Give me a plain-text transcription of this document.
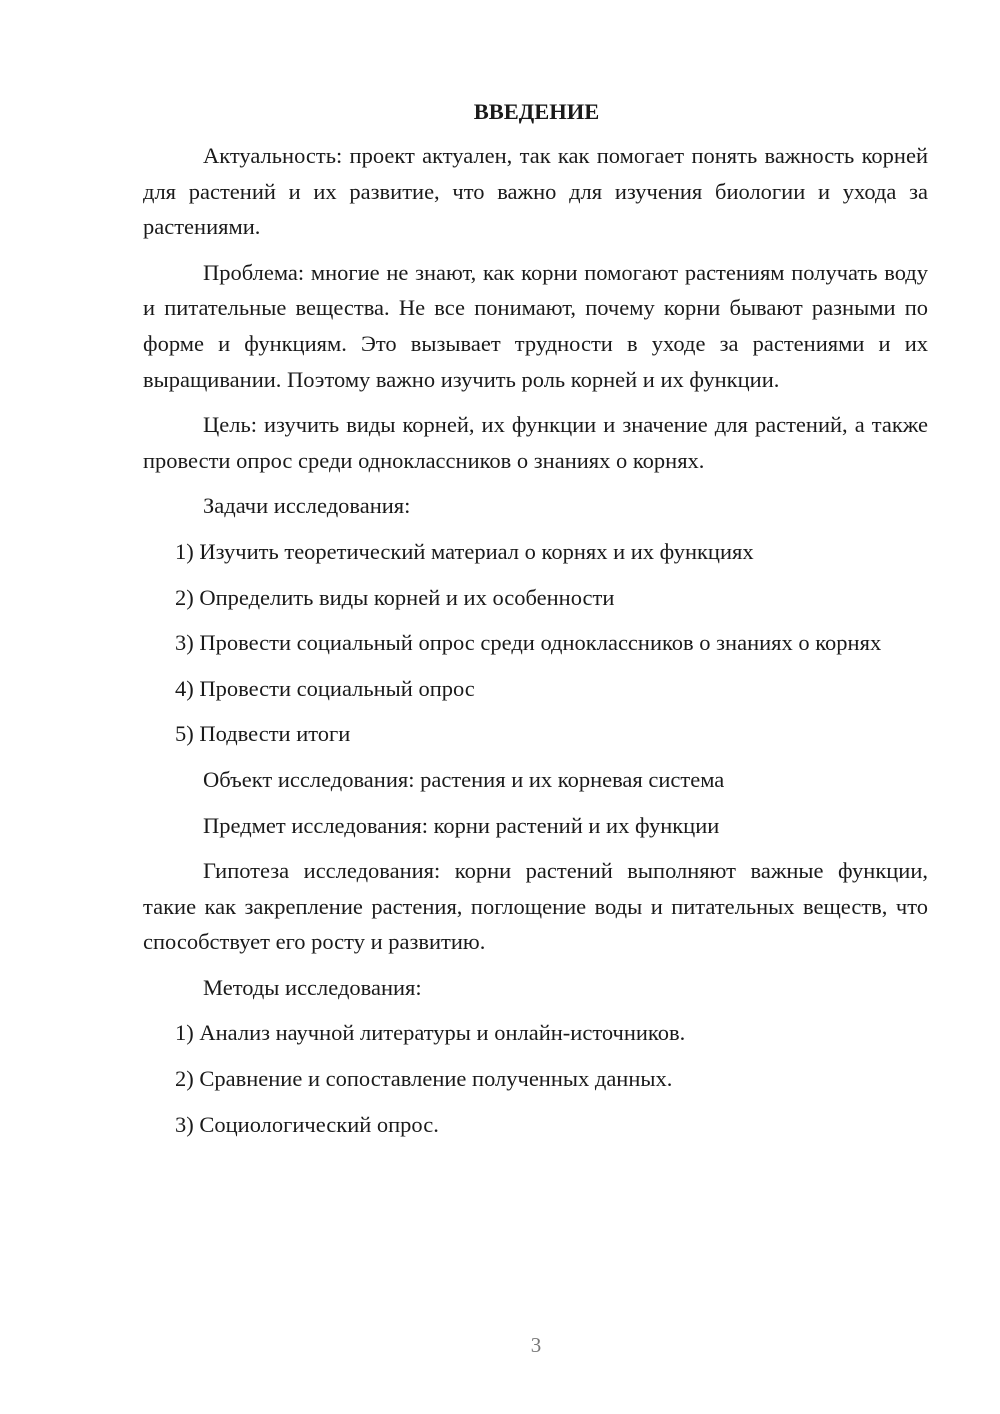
ВВЕДЕНИЕ

Актуальность: проект актуален, так как помогает понять важность корней для растений и их развитие, что важно для изучения биологии и ухода за растениями.

Проблема: многие не знают, как корни помогают растениям получать воду и питательные вещества. Не все понимают, почему корни бывают разными по форме и функциям. Это вызывает трудности в уходе за растениями и их выращивании. Поэтому важно изучить роль корней и их функции.

Цель: изучить виды корней, их функции и значение для растений, а также провести опрос среди одноклассников о знаниях о корнях.

Задачи исследования:

1) Изучить теоретический материал о корнях и их функциях

2) Определить виды корней и их особенности

3) Провести социальный опрос среди одноклассников о знаниях о корнях

4) Провести социальный опрос

5) Подвести итоги

Объект исследования: растения и их корневая система

Предмет исследования: корни растений и их функции

Гипотеза исследования: корни растений выполняют важные функции, такие как закрепление растения, поглощение воды и питательных веществ, что способствует его росту и развитию.

Методы исследования:

1) Анализ научной литературы и онлайн-источников.

2) Сравнение и сопоставление полученных данных.

3) Социологический опрос.

3
